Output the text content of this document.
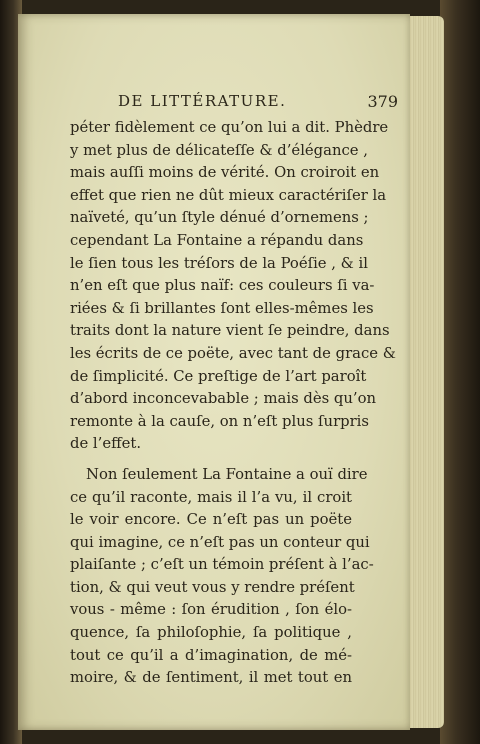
DE LITTÉRATURE.	379
péter fidèlement ce qu’on lui a dit. Phèdre
y met plus de délicateſſe & d’élégance ,
mais auſſi moins de vérité. On croiroit en
effet que rien ne dût mieux caractériſer la
naïveté, qu’un ſtyle dénué d’ornemens ;
cependant La Fontaine a répandu dans
le ſien tous les tréſors de la Poéſie , & il
n’en eſt que plus naïf: ces couleurs ſi va-
riées & ſi brillantes ſont elles-mêmes les
traits dont la nature vient ſe peindre, dans
les écrits de ce poëte, avec tant de grace &
de ſimplicité. Ce preſtige de l’art paroît
d’abord inconcevabable ; mais dès qu’on
remonte à la cauſe, on n’eſt plus ſurpris
de l’effet.
Non ſeulement La Fontaine a ouï dire
ce qu’il raconte, mais il l’a vu, il croit
le voir encore. Ce n’eſt pas un poëte
qui imagine, ce n’eſt pas un conteur qui
plaiſante ; c’eſt un témoin préſent à l’ac-
tion, & qui veut vous y rendre préſent
vous - même : ſon érudition , ſon élo-
quence, ſa philoſophie, ſa politique ,
tout ce qu’il a d’imagination, de mé-
moire, & de ſentiment, il met tout en
